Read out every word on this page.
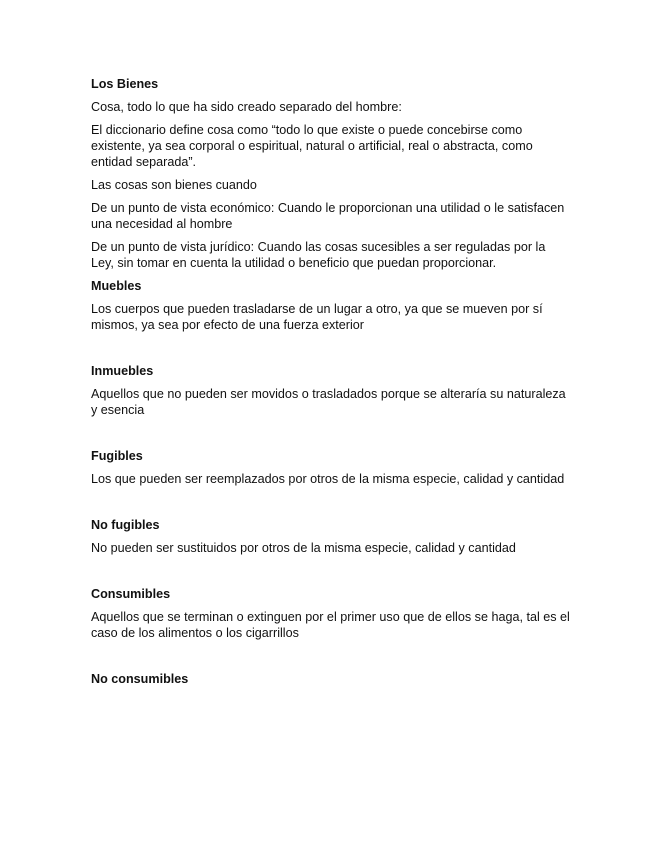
Los Bienes
Cosa, todo lo que ha sido creado separado del hombre:
El diccionario define cosa como “todo lo que existe o puede concebirse como existente, ya sea corporal o espiritual, natural o artificial, real o abstracta, como entidad separada”.
Las cosas son bienes cuando
De un punto de vista económico: Cuando le proporcionan una utilidad o le satisfacen una necesidad al hombre
De un punto de vista jurídico: Cuando las cosas sucesibles a ser reguladas por la Ley, sin tomar en cuenta la utilidad o beneficio que puedan proporcionar.
Muebles
Los cuerpos que pueden trasladarse de un lugar a otro, ya que se mueven por sí mismos, ya sea por efecto de una fuerza exterior
Inmuebles
Aquellos que no pueden ser movidos o trasladados porque se alteraría su naturaleza y esencia
Fugibles
Los que pueden ser reemplazados por otros de la misma especie, calidad y cantidad
No fugibles
No pueden ser sustituidos por otros de la misma especie, calidad y cantidad
Consumibles
Aquellos que se terminan o extinguen por el primer uso que de ellos se haga, tal es el caso de los alimentos o los cigarrillos
No consumibles
